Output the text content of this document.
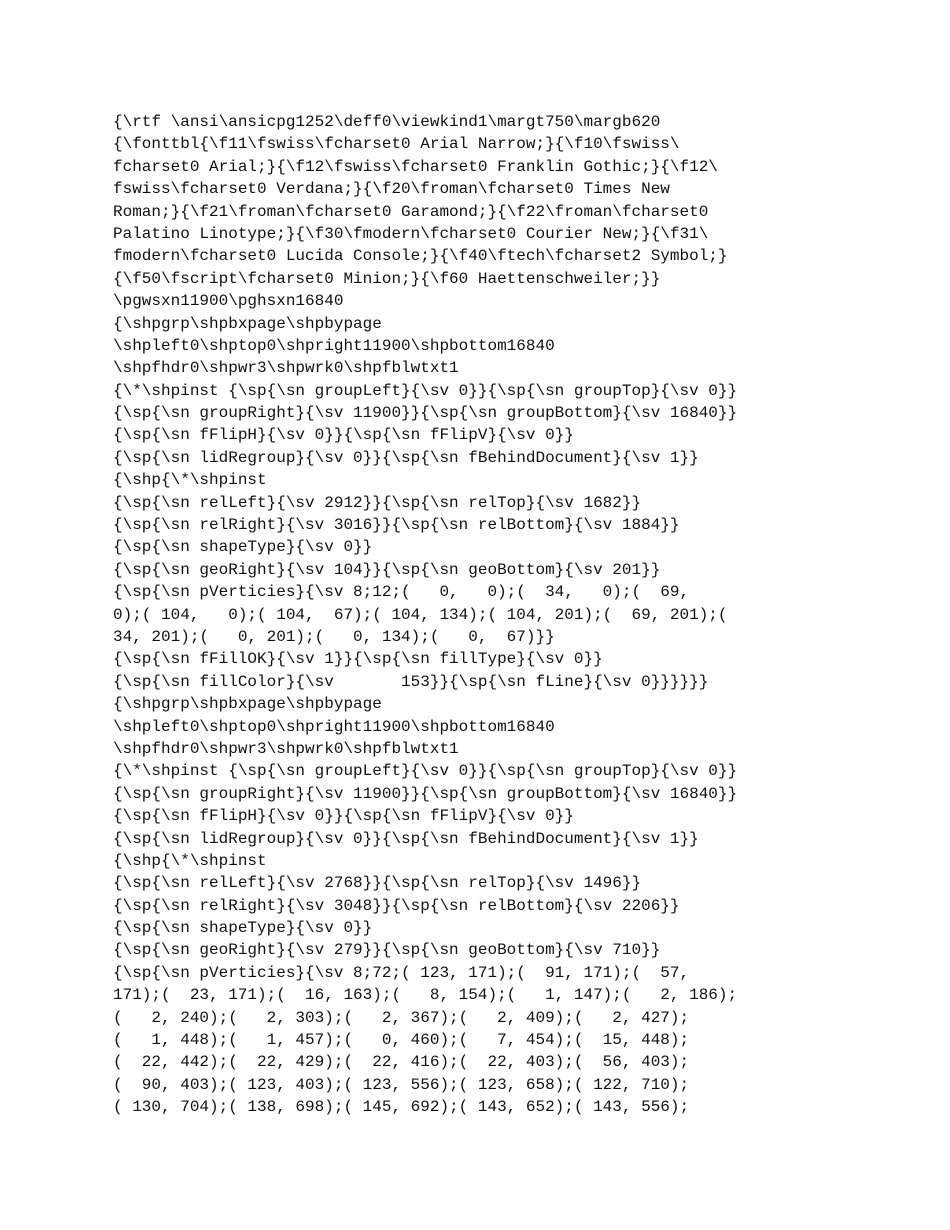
{\rtf \ansi\ansicpg1252\deff0\viewkind1\margt750\margb620
{\fonttbl{\f11\fswiss\fcharset0 Arial Narrow;}{\f10\fswiss\
fcharset0 Arial;}{\f12\fswiss\fcharset0 Franklin Gothic;}{\f12\
fswiss\fcharset0 Verdana;}{\f20\froman\fcharset0 Times New
Roman;}{\f21\froman\fcharset0 Garamond;}{\f22\froman\fcharset0
Palatino Linotype;}{\f30\fmodern\fcharset0 Courier New;}{\f31\
fmodern\fcharset0 Lucida Console;}{\f40\ftech\fcharset2 Symbol;}
{\f50\fscript\fcharset0 Minion;}{\f60 Haettenschweiler;}}
\pgwsxn11900\pghsxn16840
{\shpgrp\shpbxpage\shpbypage
\shpleft0\shptop0\shpright11900\shpbottom16840
\shpfhdr0\shpwr3\shpwrk0\shpfblwtxt1
{\*\shpinst {\sp{\sn groupLeft}{\sv 0}}{\sp{\sn groupTop}{\sv 0}}
{\sp{\sn groupRight}{\sv 11900}}{\sp{\sn groupBottom}{\sv 16840}}
{\sp{\sn fFlipH}{\sv 0}}{\sp{\sn fFlipV}{\sv 0}}
{\sp{\sn lidRegroup}{\sv 0}}{\sp{\sn fBehindDocument}{\sv 1}}
{\shp{\*\shpinst
{\sp{\sn relLeft}{\sv 2912}}{\sp{\sn relTop}{\sv 1682}}
{\sp{\sn relRight}{\sv 3016}}{\sp{\sn relBottom}{\sv 1884}}
{\sp{\sn shapeType}{\sv 0}}
{\sp{\sn geoRight}{\sv 104}}{\sp{\sn geoBottom}{\sv 201}}
{\sp{\sn pVerticies}{\sv 8;12;(   0,   0);(  34,   0);(  69,
0);( 104,   0);( 104,  67);( 104, 134);( 104, 201);(  69, 201);(
34, 201);(   0, 201);(   0, 134);(   0,  67)}}
{\sp{\sn fFillOK}{\sv 1}}{\sp{\sn fillType}{\sv 0}}
{\sp{\sn fillColor}{\sv       153}}{\sp{\sn fLine}{\sv 0}}}}}}
{\shpgrp\shpbxpage\shpbypage
\shpleft0\shptop0\shpright11900\shpbottom16840
\shpfhdr0\shpwr3\shpwrk0\shpfblwtxt1
{\*\shpinst {\sp{\sn groupLeft}{\sv 0}}{\sp{\sn groupTop}{\sv 0}}
{\sp{\sn groupRight}{\sv 11900}}{\sp{\sn groupBottom}{\sv 16840}}
{\sp{\sn fFlipH}{\sv 0}}{\sp{\sn fFlipV}{\sv 0}}
{\sp{\sn lidRegroup}{\sv 0}}{\sp{\sn fBehindDocument}{\sv 1}}
{\shp{\*\shpinst
{\sp{\sn relLeft}{\sv 2768}}{\sp{\sn relTop}{\sv 1496}}
{\sp{\sn relRight}{\sv 3048}}{\sp{\sn relBottom}{\sv 2206}}
{\sp{\sn shapeType}{\sv 0}}
{\sp{\sn geoRight}{\sv 279}}{\sp{\sn geoBottom}{\sv 710}}
{\sp{\sn pVerticies}{\sv 8;72;( 123, 171);(  91, 171);(  57,
171);(  23, 171);(  16, 163);(   8, 154);(   1, 147);(   2, 186);
(   2, 240);(   2, 303);(   2, 367);(   2, 409);(   2, 427);
(   1, 448);(   1, 457);(   0, 460);(   7, 454);(  15, 448);
(  22, 442);(  22, 429);(  22, 416);(  22, 403);(  56, 403);
(  90, 403);( 123, 403);( 123, 556);( 123, 658);( 122, 710);
( 130, 704);( 138, 698);( 145, 692);( 143, 652);( 143, 556);
